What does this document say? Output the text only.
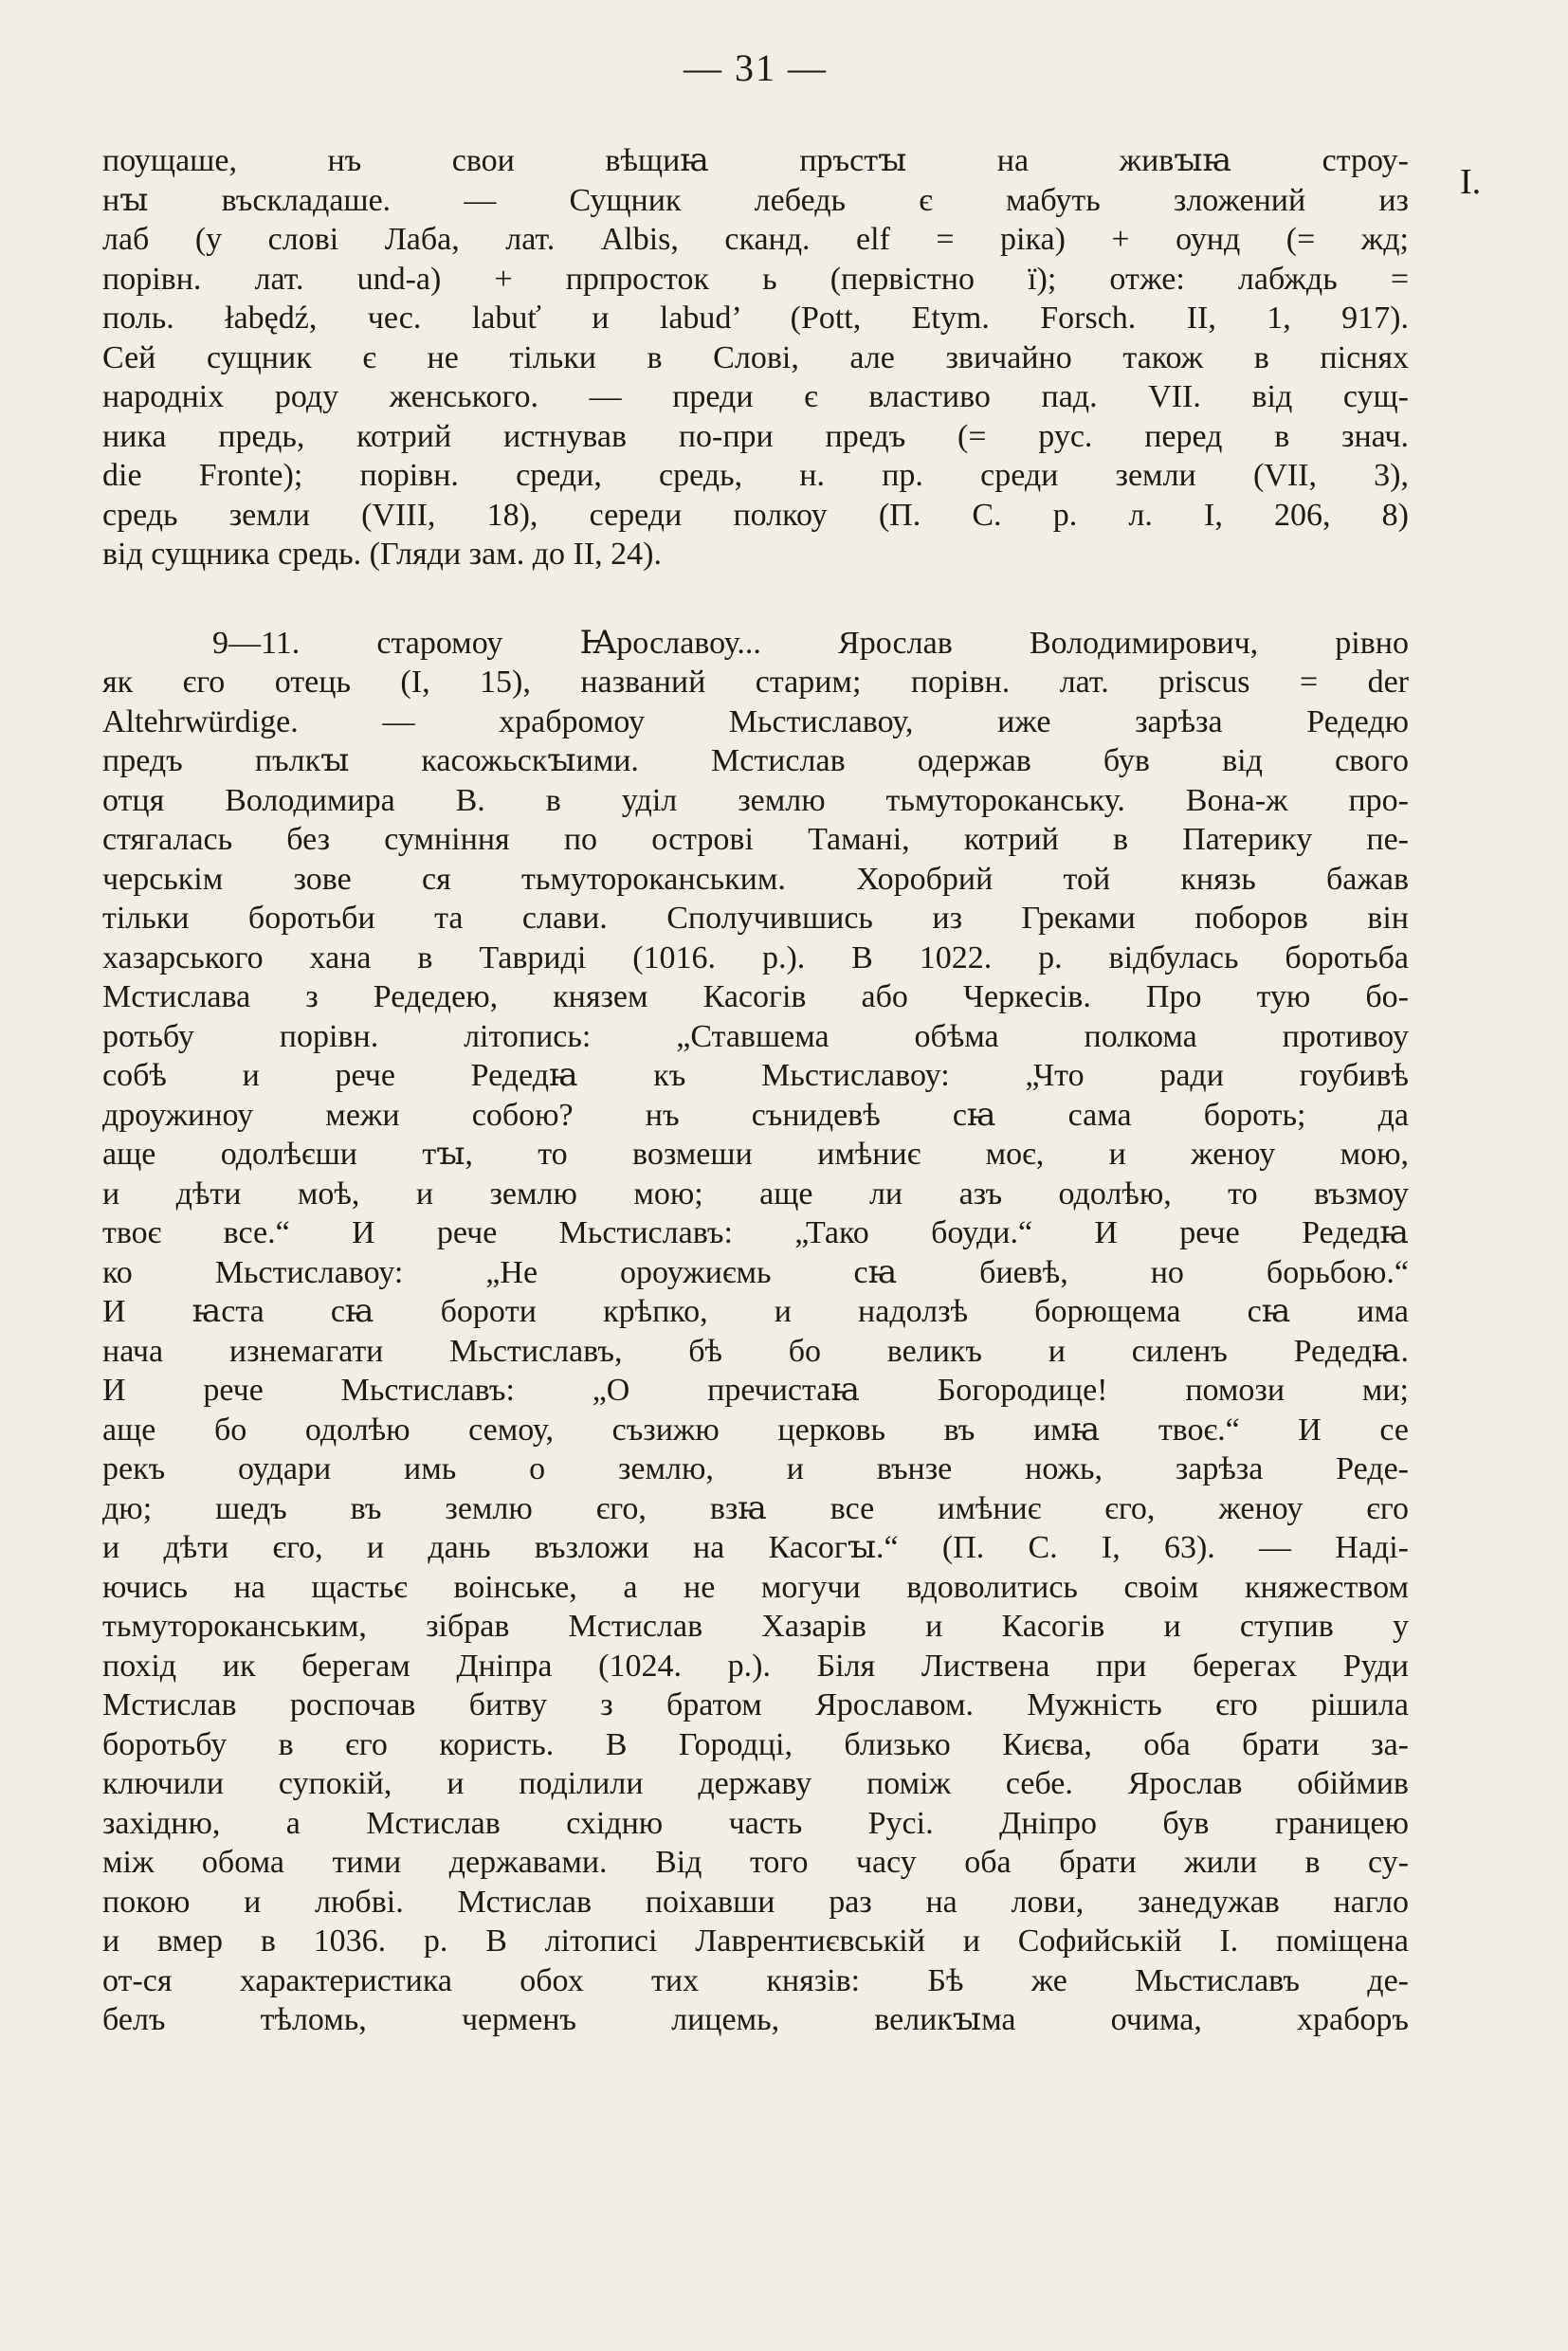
— 31 —
I.
поущаше, нъ свои вѣщиꙗ пръстꙑ на живꙑꙗ строу-
нꙑ въскладаше. — Сущник лебедь є мабуть зложений из
лаб (у слові Лаба, лат. Albis, сканд. elf = ріка) + оунд (= жд;
порівн. лат. und-a) + прпросток ь (первістно ї); отже: лабждь =
поль. łabędź, чес. labuť и labud’ (Pott, Etym. Forsch. II, 1, 917).
Сей сущник є не тільки в Слові, але звичайно також в піснях
народніх роду женського. — преди є властиво пад. VII. від сущ-
ника предь, котрий истнував по-при предъ (= рус. перед в знач.
die Fronte); порівн. среди, средь, н. пр. среди земли (VII, 3),
средь земли (VIII, 18), середи полкоу (П. С. р. л. I, 206, 8)
від сущника средь. (Гляди зам. до II, 24).
9—11. старомоу Ꙗрославоу... Ярослав Володимирович, рівно
як єго отець (I, 15), названий старим; порівн. лат. priscus = der
Altehrwürdige. — храбромоу Мьстиславоу, иже зарѣза Редедю
предъ пълкꙑ касожьскꙑими. Мстислав одержав був від свого
отця Володимира В. в уділ землю тьмутороканську. Вона-ж про-
стягалась без сумніння по острові Тамані, котрий в Патерику пе-
черськім зове ся тьмутороканським. Хоробрий той князь бажав
тільки боротьби та слави. Сполучившись из Греками поборов він
хазарського хана в Тавриді (1016. р.). В 1022. р. відбулась боротьба
Мстислава з Редедею, князем Касогів або Черкесів. Про тую бо-
ротьбу порівн. літопись: „Ставшема обѣма полкома противоу
собѣ и рече Редедꙗ къ Мьстиславоу: „Что ради гоубивѣ
дроужиноу межи собою? нъ сънидевѣ сꙗ сама бороть; да
аще одолѣєши тꙑ, то возмеши имѣниє моє, и женоу мою,
и дѣти моѣ, и землю мою; аще ли азъ одолѣю, то възмоу
твоє все.“ И рече Мьстиславъ: „Тако боуди.“ И рече Редедꙗ
ко Мьстиславоу: „Не ороужиємь сꙗ биевѣ, но борьбою.“
И ꙗста сꙗ борoти крѣпко, и надолзѣ борющема сꙗ има
нача изнемагати Мьстиславъ, бѣ бо великъ и силенъ Редедꙗ.
И рече Мьстиславъ: „О пречистаꙗ Богородице! помози ми;
аще бо одолѣю семоу, съзижю церковь въ имꙗ твоє.“ И се
рекъ оудари имь о землю, и вънзе ножь, зарѣза Реде-
дю; шедъ въ землю єго, взꙗ все имѣниє єго, женоу єго
и дѣти єго, и дань възложи на Касогꙑ.“ (П. С. I, 63). — Наді-
ючись на щастьє воінське, а не могучи вдоволитись своім княжеством
тьмутороканським, зібрав Мстислав Хазарів и Касогів и ступив у
похід ик берегам Дніпра (1024. р.). Біля Листвена при берегах Руди
Мстислав роспочав битву з братом Ярославом. Мужність єго рішила
боротьбу в єго користь. В Городці, близько Києва, оба брати за-
ключили супокій, и поділили державу поміж себе. Ярослав обіймив
західню, а Мстислав східню часть Русі. Дніпро був границею
між обома тими державами. Від того часу оба брати жили в су-
покою и любві. Мстислав поіхавши раз на лови, занедужав нагло
и вмер в 1036. р. В літописі Лаврентиєвській и Софийській I. поміщена
от-ся характеристика обох тих князів: Бѣ же Мьстиславъ де-
белъ тѣломь, черменъ лицемь, великꙑма очима, храборъ
